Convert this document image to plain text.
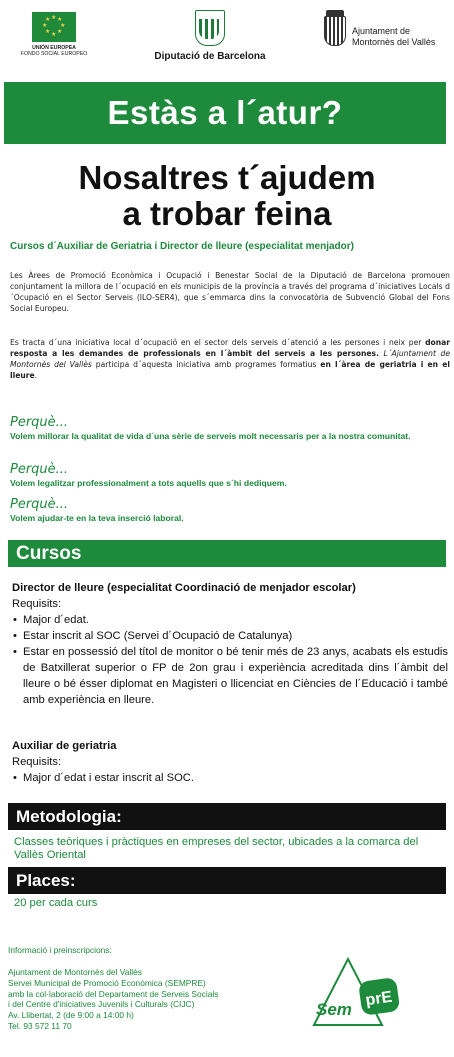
★ ★
★
★
★
★
★
★
UNIÓN EUROPEA
FONDO SOCIAL EUROPEO	Diputació de Barcelona
Ajuntament de
Montornès del Vallès
Estàs a l´atur?
Nosaltres t´ajudem
a trobar feina
Cursos d´Auxiliar de Geriatria i Director de lleure (especialitat menjador)
Les Àrees de Promoció Econòmica i Ocupació i Benestar Social de la Diputació de Barcelona promouen conjuntament la millora de l´ocupació en els municipis de la província a través del programa d´iniciatives Locals d´Ocupació en el Sector Serveis (ILO-SER4), que s´emmarca dins la convocatòria de Subvenció Global del Fons Social Europeu.
Es tracta d´una iniciativa local d´ocupació en el sector dels serveis d´atenció a les persones i neix per donar resposta a les demandes de professionals en l´àmbit del serveis a les persones. L´Ajuntament de Montornès del Vallès participa d´aquesta iniciativa amb programes formatius en l´àrea de geriatria i en el lleure.
Perquè...
Volem millorar la qualitat de vida d´una sèrie de serveis molt necessaris per a la nostra comunitat.
Perquè...
Volem legalitzar professionalment a tots aquells que s´hi dediquem.
Perquè...
Volem ajudar-te en la teva inserció laboral.
Cursos
Director de lleure (especialitat Coordinació de menjador escolar)
Requisits:
• Major d´edat.
• Estar inscrit al SOC (Servei d´Ocupació de Catalunya)
• Estar en possessió del títol de monitor o bé tenir més de 23 anys, acabats els estudis de Batxillerat superior o FP de 2on grau i experiència acreditada dins l´àmbit del lleure o bé ésser diplomat en Magisteri o llicenciat en Ciències de l´Educació i també amb experiència en lleure.
Auxiliar de geriatria
Requisits:
• Major d´edat i estar inscrit al SOC.
Metodologia:
Classes teòriques i pràctiques en empreses del sector, ubicades a la comarca del Vallès Oriental
Places:
20 per cada curs
Informació i preinscripcions:
Ajuntament de Montornès del Vallès
Servei Municipal de Promoció Econòmica (SEMPRE)
amb la col·laboració del Departament de Serveis Socials
i del Centre d'iniciatives Juvenils i Culturals (CIJC)
Av. Llibertat, 2 (de 9:00 a 14:00 h)
Tel. 93 572 11 70
Sem
prE
